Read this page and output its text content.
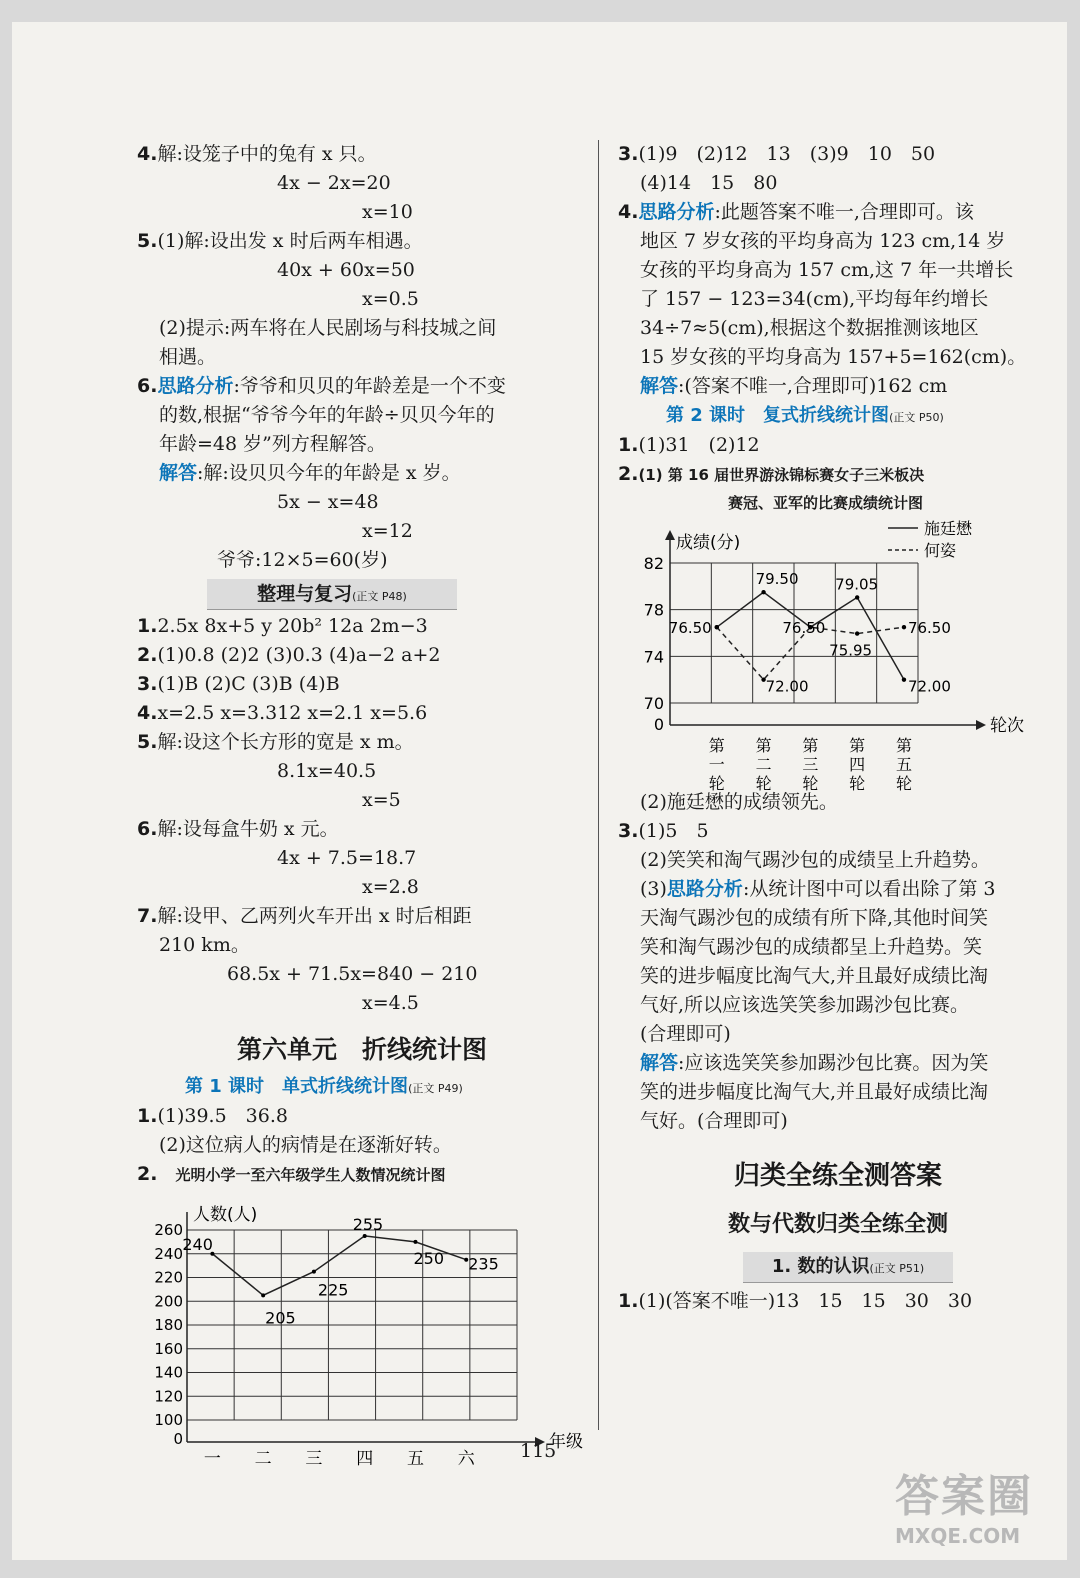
4.解:设笼子中的兔有 x 只。
4x − 2x=20
x=10
5.(1)解:设出发 x 时后两车相遇。
40x + 60x=50
x=0.5
(2)提示:两车将在人民剧场与科技城之间
相遇。
6.思路分析:爷爷和贝贝的年龄差是一个不变
的数,根据“爷爷今年的年龄÷贝贝今年的
年龄=48 岁”列方程解答。
解答:解:设贝贝今年的年龄是 x 岁。
5x − x=48
x=12
爷爷:12×5=60(岁)
整理与复习(正文 P48)
1.2.5x 8x+5 y 20b² 12a 2m−3
2.(1)0.8 (2)2 (3)0.3 (4)a−2 a+2
3.(1)B (2)C (3)B (4)B
4.x=2.5 x=3.312 x=2.1 x=5.6
5.解:设这个长方形的宽是 x m。
8.1x=40.5
x=5
6.解:设每盒牛奶 x 元。
4x + 7.5=18.7
x=2.8
7.解:设甲、乙两列火车开出 x 时后相距
210 km。
68.5x + 71.5x=840 − 210
x=4.5
第六单元　折线统计图
第 1 课时　单式折线统计图(正文 P49)
1.(1)39.5　36.8
(2)这位病人的病情是在逐渐好转。
2. 光明小学一至六年级学生人数情况统计图
100
120
140
160
180
200
220
240
260
0	年级
人数(人)
240
一
205
二
225
三
255
四
250
五
235
六
3.(1)9　(2)12　13　(3)9　10　50
(4)14　15　80
4.思路分析:此题答案不唯一,合理即可。该
地区 7 岁女孩的平均身高为 123 cm,14 岁
女孩的平均身高为 157 cm,这 7 年一共增长
了 157 − 123=34(cm),平均每年约增长
34÷7≈5(cm),根据这个数据推测该地区
15 岁女孩的平均身高为 157+5=162(cm)。
解答:(答案不唯一,合理即可)162 cm
第 2 课时　复式折线统计图(正文 P50)
1.(1)31　(2)12
2.(1) 第 16 届世界游泳锦标赛女子三米板决
赛冠、亚军的比赛成绩统计图
70
74
78
82
0	轮次
成绩(分)
施廷懋
何姿
76.50
79.50
76.50
79.05
72.00	72.00
75.95
76.50
第
一
轮
第
二
轮
第
三
轮
第
四
轮
第
五
轮
(2)施廷懋的成绩领先。
3.(1)5　5
(2)笑笑和淘气踢沙包的成绩呈上升趋势。
(3)思路分析:从统计图中可以看出除了第 3
天淘气踢沙包的成绩有所下降,其他时间笑
笑和淘气踢沙包的成绩都呈上升趋势。笑
笑的进步幅度比淘气大,并且最好成绩比淘
气好,所以应该选笑笑参加踢沙包比赛。
(合理即可)
解答:应该选笑笑参加踢沙包比赛。因为笑
笑的进步幅度比淘气大,并且最好成绩比淘
气好。(合理即可)
归类全练全测答案
数与代数归类全练全测
1. 数的认识(正文 P51)
1.(1)(答案不唯一)13　15　15　30　30
115
答案圈
MXQE.COM
